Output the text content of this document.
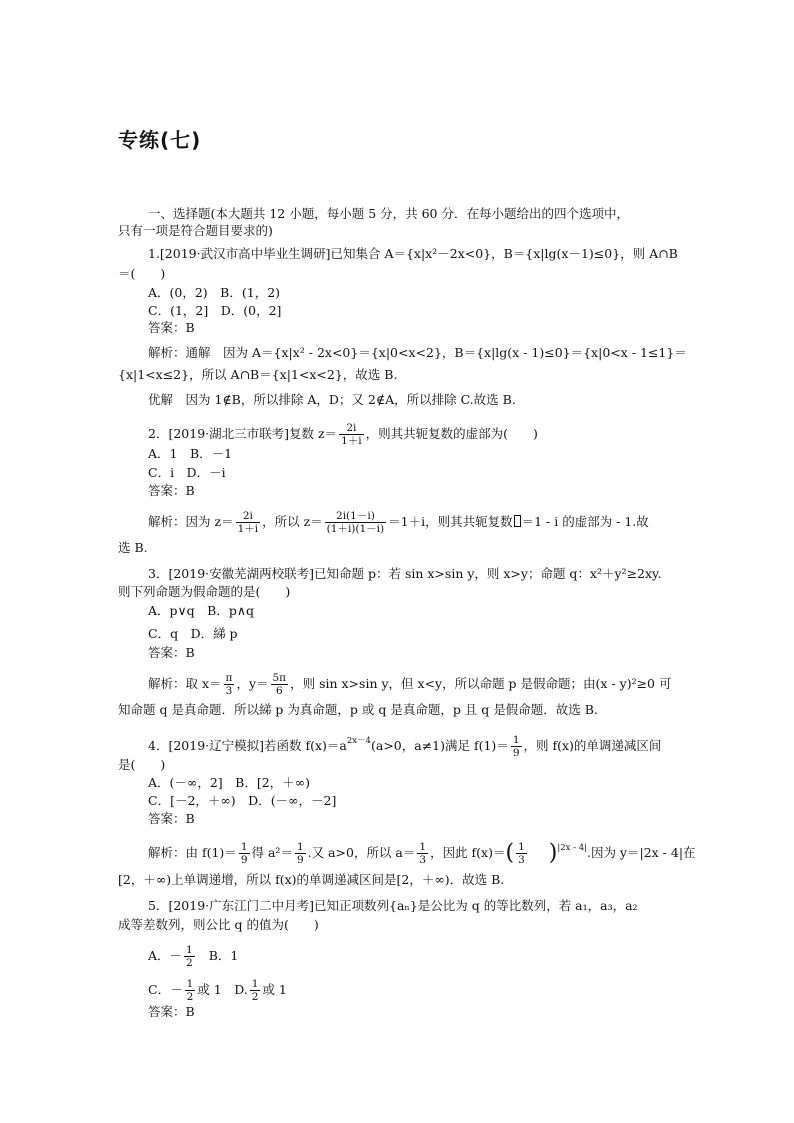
专练(七)
一、选择题(本大题共 12 小题，每小题 5 分，共 60 分．在每小题给出的四个选项中，
只有一项是符合题目要求的)
1.[2019·武汉市高中毕业生调研]已知集合 A＝{x|x²－2x<0}，B＝{x|lg(x－1)≤0}，则 A∩B
＝(　　)
A．(0，2)　B．(1，2)
C．(1，2]　D．(0，2]
答案：B
解析：通解　因为 A＝{x|x² - 2x<0}＝{x|0<x<2}，B＝{x|lg(x - 1)≤0}＝{x|0<x - 1≤1}＝
{x|1<x≤2}，所以 A∩B＝{x|1<x<2}，故选 B.
优解　因为 1∉B，所以排除 A，D；又 2∉A，所以排除 C.故选 B.
2．[2019·湖北三市联考]复数 $z= \frac{2i}{1+i}$ ，则其共轭复数的虚部为(　　)
A．1　B．－1
C．i　D．－i
答案：B
解析：因为 $z= \frac{2i}{1+i}$ ，所以 $z= \frac{2i(1-i)}{(1+i)(1-i)} =1+i$，则其共轭复数 ＝1 - i 的虚部为 - 1.故
选 B.
3．[2019·安徽芜湖两校联考]已知命题 p：若 sin x>sin y，则 x>y；命题 q：x²＋y²≥2xy.
则下列命题为假命题的是(　　)
A．p∨q　B．p∧q
C．q　D．綈 p
答案：B
解析：取 $x= \frac{\pi}{3}$ ，$y= \frac{5\pi}{6}$ ，则 sin x>sin y，但 x<y，所以命题 p 是假命题；由(x - y)²≥0 可
知命题 q 是真命题．所以綈 p 为真命题，p 或 q 是真命题，p 且 q 是假命题．故选 B.
4．[2019·辽宁模拟]若函数 $f(x)=a^{2x-4}(a>0$，a≠1)满足 $f(1)= \frac{1}{9}$ ，则 f(x)的单调递减区间
是(　　)
A．(－∞，2]　B．[2，＋∞)
C．[－2，＋∞)　D．(－∞，－2]
答案：B
解析：由 $f(1)= \frac{1}{9}$ 得 $a^2= \frac{1}{9}$ .又 a>0，所以 $a= \frac{1}{3}$ ，因此 $f(x)=( \frac{1}{3} )^{|2x - 4|}$.因为 y＝|2x - 4|在
[2，＋∞)上单调递增，所以 f(x)的单调递减区间是[2，＋∞)．故选 B.
5．[2019·广东江门二中月考]已知正项数列{aₙ}是公比为 q 的等比数列，若 a₁，a₃，a₂
成等差数列，则公比 q 的值为(　　)
A．－ $\frac{1}{2}$ B．1
C．－ $\frac{1}{2}$ 或 1　D. $\frac{1}{2}$ 或 1
答案：B
